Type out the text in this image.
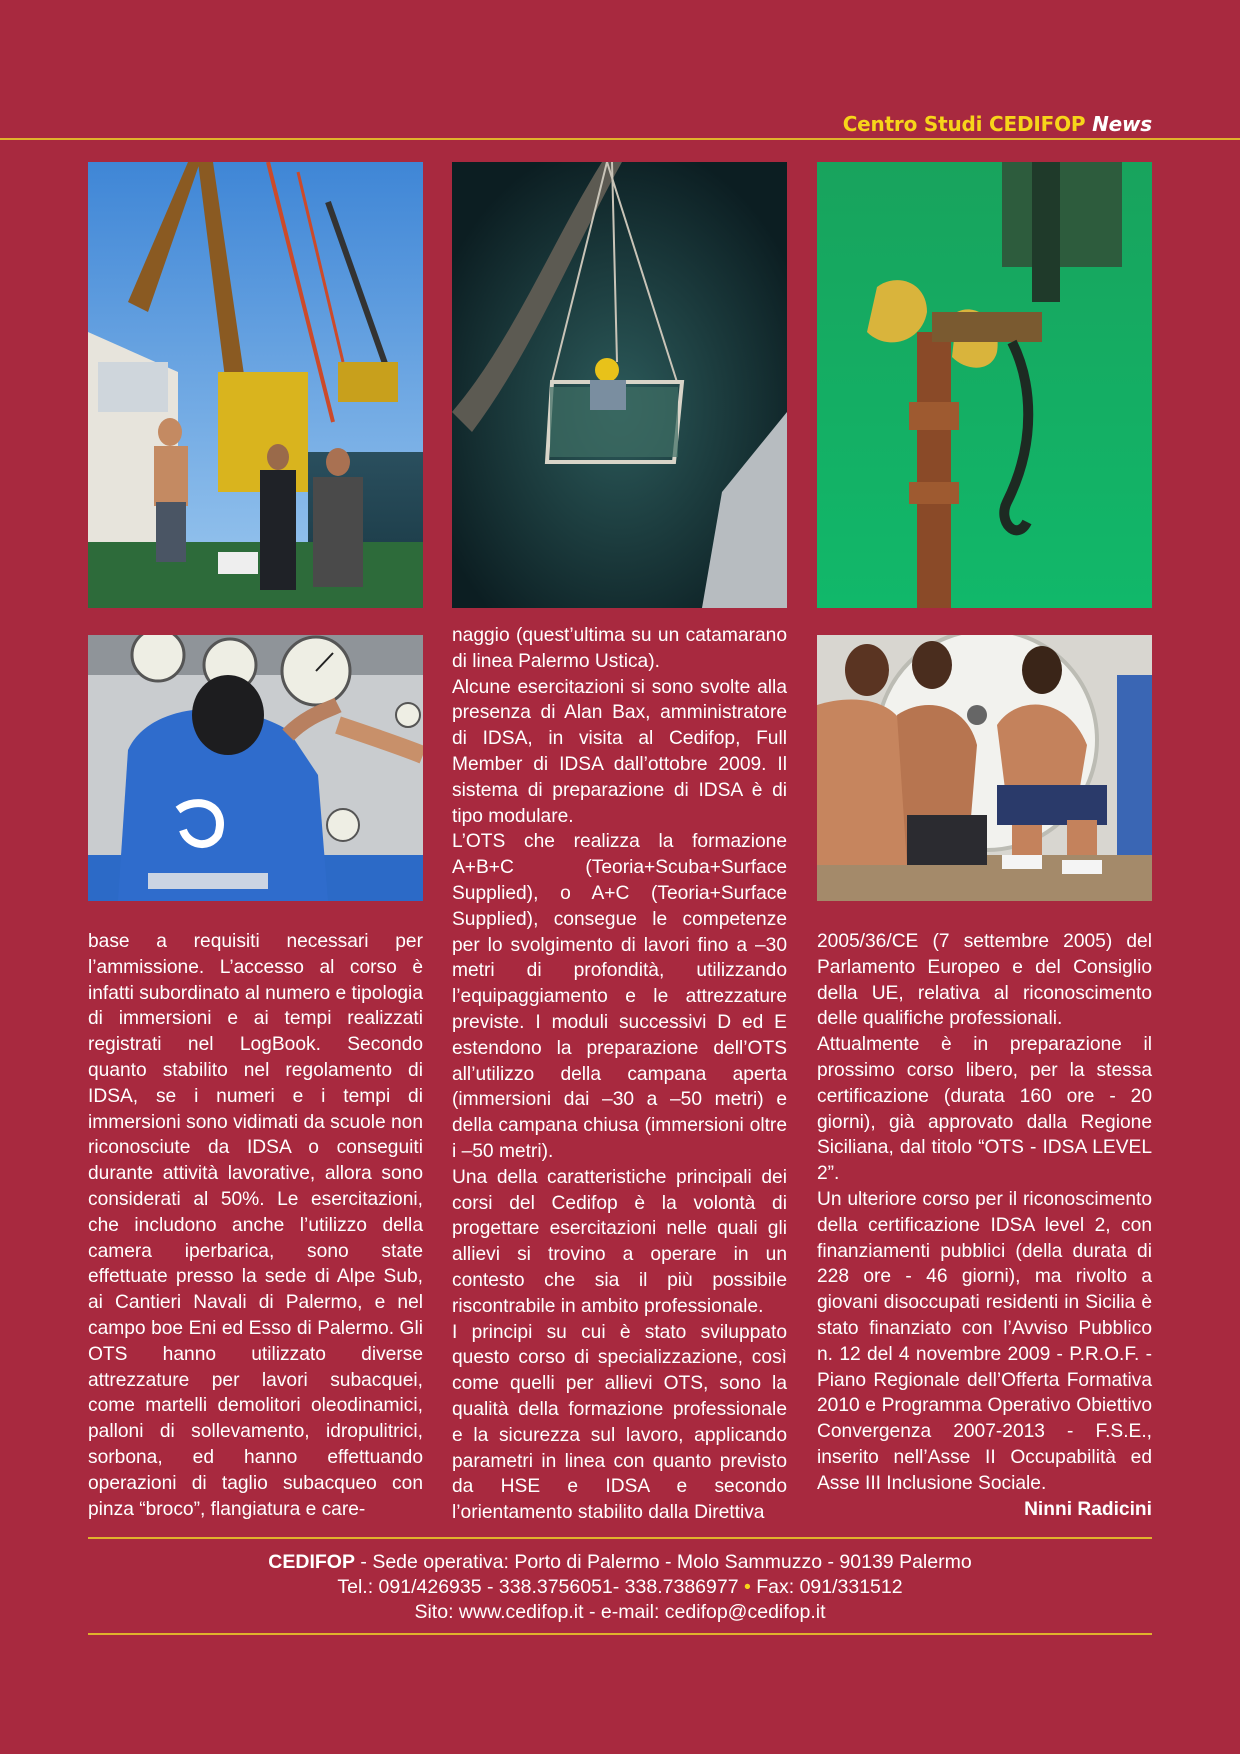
Centro Studi CEDIFOP News

base a requisiti necessari per l’ammissione. L’accesso al corso è infatti subordinato al numero e tipologia di immersioni e ai tempi realizzati registrati nel LogBook. Secondo quanto stabilito nel regolamento di IDSA, se i numeri e i tempi di immersioni sono vidimati da scuole non riconosciute da IDSA o conseguiti durante attività lavorative, allora sono considerati al 50%. Le esercitazioni, che includono anche l’utilizzo della camera iperbarica, sono state effettuate presso la sede di Alpe Sub, ai Cantieri Navali di Palermo, e nel campo boe Eni ed Esso di Palermo. Gli OTS hanno utilizzato diverse attrezzature per lavori subacquei, come martelli demolitori oleodinamici, palloni di sollevamento, idropulitrici, sorbona, ed hanno effettuando operazioni di taglio subacqueo con pinza “broco”, flangiatura e care-

naggio (quest’ultima su un catamarano di linea Palermo Ustica).

Alcune esercitazioni si sono svolte alla presenza di Alan Bax, amministratore di IDSA, in visita al Cedifop, Full Member di IDSA dall’ottobre 2009. Il sistema di preparazione di IDSA è di tipo modulare.

L’OTS che realizza la formazione A+B+C (Teoria+Scuba+Surface Supplied), o A+C (Teoria+Surface Supplied), consegue le competenze per lo svolgimento di lavori fino a –30 metri di profondità, utilizzando l’equipaggiamento e le attrezzature previste. I moduli successivi D ed E estendono la preparazione dell’OTS all’utilizzo della campana aperta (immersioni dai –30 a –50 metri) e della campana chiusa (immersioni oltre i –50 metri).

Una della caratteristiche principali dei corsi del Cedifop è la volontà di progettare esercitazioni nelle quali gli allievi si trovino a operare in un contesto che sia il più possibile riscontrabile in ambito professionale.

I principi su cui è stato sviluppato questo corso di specializzazione, così come quelli per allievi OTS, sono la qualità della formazione professionale e la sicurezza sul lavoro, applicando parametri in linea con quanto previsto da HSE e IDSA e secondo l’orientamento stabilito dalla Direttiva

2005/36/CE (7 settembre 2005) del Parlamento Europeo e del Consiglio della UE, relativa al riconoscimento delle qualifiche professionali.

Attualmente è in preparazione il prossimo corso libero, per la stessa certificazione (durata 160 ore - 20 giorni), già approvato dalla Regione Siciliana, dal titolo “OTS - IDSA LEVEL 2”.

Un ulteriore corso per il riconoscimento della certificazione IDSA level 2, con finanziamenti pubblici (della durata di 228 ore - 46 giorni), ma rivolto a giovani disoccupati residenti in Sicilia è stato finanziato con l’Avviso Pubblico n. 12 del 4 novembre 2009 - P.R.O.F. - Piano Regionale dell’Offerta Formativa 2010 e Programma Operativo Obiettivo Convergenza 2007-2013 - F.S.E., inserito nell’Asse II Occupabilità ed Asse III Inclusione Sociale.

Ninni Radicini

CEDIFOP - Sede operativa: Porto di Palermo - Molo Sammuzzo - 90139 Palermo
Tel.: 091/426935 - 338.3756051- 338.7386977 • Fax: 091/331512
Sito: www.cedifop.it - e-mail: cedifop@cedifop.it
